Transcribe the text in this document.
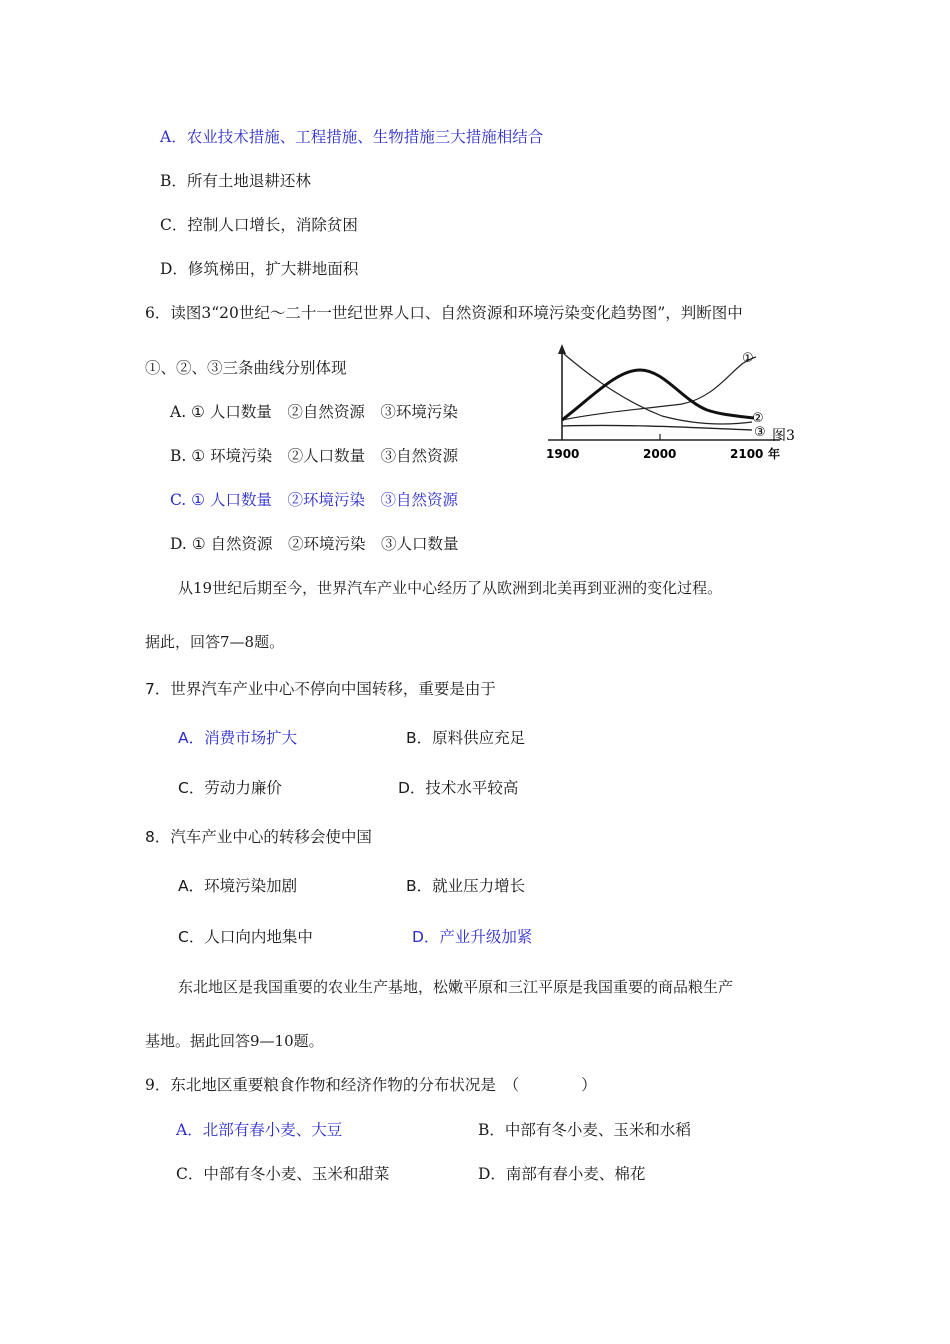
A．农业技术措施、工程措施、生物措施三大措施相结合
B．所有土地退耕还林
C．控制人口增长，消除贫困
D．修筑梯田，扩大耕地面积
6．读图3“20世纪～二十一世纪世界人口、自然资源和环境污染变化趋势图”，判断图中
①、②、③三条曲线分别体现
A. ① 人口数量　②自然资源　③环境污染
B. ① 环境污染　②人口数量　③自然资源
C. ① 人口数量　②环境污染　③自然资源
D. ① 自然资源　②环境污染　③人口数量
①
②
③ 图3
1900	2000	2100 年
从19世纪后期至今，世界汽车产业中心经历了从欧洲到北美再到亚洲的变化过程。
据此，回答7—8题。
7．世界汽车产业中心不停向中国转移，重要是由于
A．消费市场扩大	B．原料供应充足
C．劳动力廉价	D．技术水平较高
8．汽车产业中心的转移会使中国
A．环境污染加剧	B．就业压力增长
C．人口向内地集中	D．产业升级加紧
东北地区是我国重要的农业生产基地，松嫩平原和三江平原是我国重要的商品粮生产
基地。据此回答9—10题。
9．东北地区重要粮食作物和经济作物的分布状况是　（　　　　）
A．北部有春小麦、大豆	B．中部有冬小麦、玉米和水稻
C．中部有冬小麦、玉米和甜菜	D．南部有春小麦、棉花
